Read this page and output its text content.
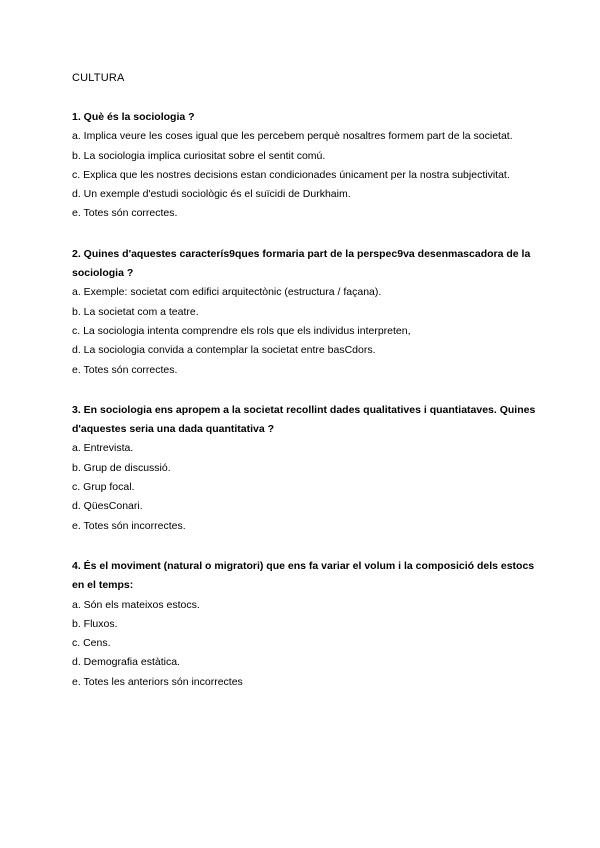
CULTURA

1. Què és la sociologia ?

a. Implica veure les coses igual que les percebem perquè nosaltres formem part de la societat.
b. La sociologia implica curiositat sobre el sentit comú.
c. Explica que les nostres decisions estan condicionades únicament per la nostra subjectivitat.
d. Un exemple d'estudi sociològic és el suïcidi de Durkhaim.
e. Totes són correctes.

2. Quines d'aquestes caracterís9ques formaria part de la perspec9va desenmascadora de la sociologia ?

a. Exemple: societat com edifici arquitectònic (estructura / façana).
b. La societat com a teatre.
c. La sociologia intenta comprendre els rols que els individus interpreten,
d. La sociologia convida a contemplar la societat entre basCdors.
e. Totes són correctes.

3. En sociologia ens apropem a la societat recollint dades qualitatives i quantiataves. Quines d'aquestes seria una dada quantitativa ?

a. Entrevista.
b. Grup de discussió.
c. Grup focal.
d. QüesConari.
e. Totes són incorrectes.

4. És el moviment (natural o migratori) que ens fa variar el volum i la composició dels estocs en el temps:

a. Són els mateixos estocs.
b. Fluxos.
c. Cens.
d. Demografia estàtica.
e. Totes les anteriors són incorrectes
